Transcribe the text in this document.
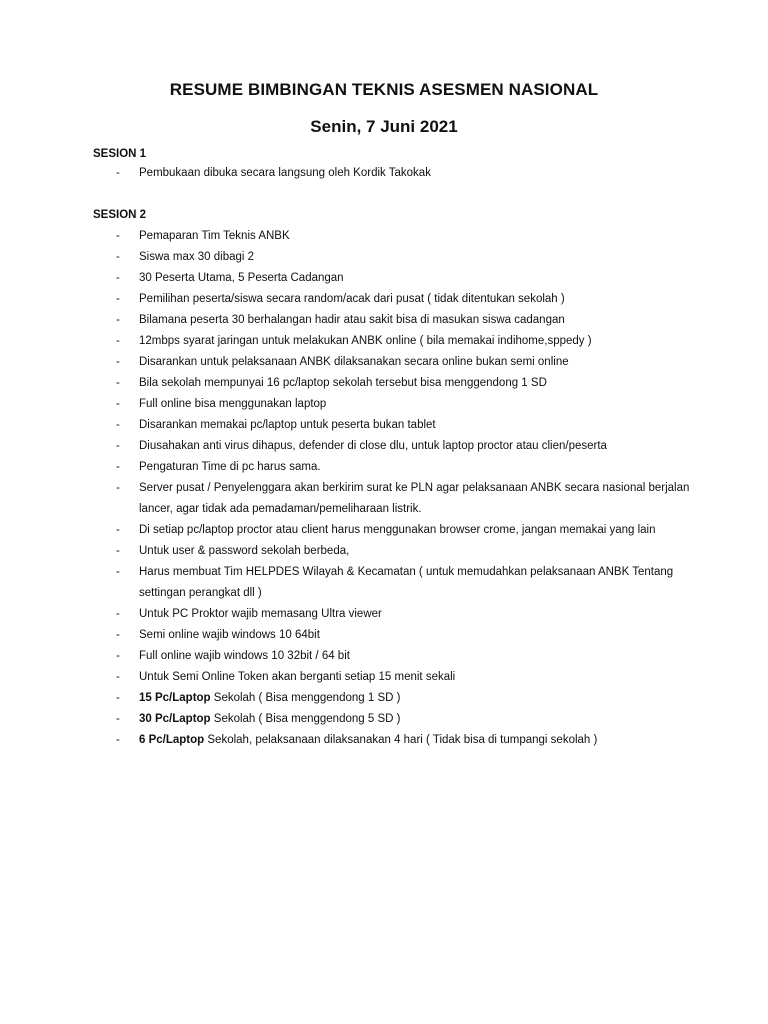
RESUME BIMBINGAN TEKNIS ASESMEN NASIONAL
Senin, 7 Juni 2021
SESION 1
- Pembukaan dibuka secara langsung oleh Kordik Takokak
SESION 2
- Pemaparan Tim Teknis ANBK
- Siswa max 30 dibagi 2
- 30 Peserta Utama, 5 Peserta Cadangan
- Pemilihan peserta/siswa secara random/acak dari pusat ( tidak ditentukan sekolah )
- Bilamana peserta 30 berhalangan hadir atau sakit bisa di masukan siswa cadangan
- 12mbps syarat jaringan untuk melakukan ANBK online ( bila memakai indihome,sppedy )
- Disarankan untuk pelaksanaan ANBK dilaksanakan secara online bukan semi online
- Bila sekolah mempunyai 16 pc/laptop sekolah tersebut bisa menggendong 1 SD
- Full online bisa menggunakan laptop
- Disarankan memakai pc/laptop untuk peserta bukan tablet
- Diusahakan anti virus dihapus, defender di close dlu, untuk laptop proctor atau clien/peserta
- Pengaturan Time di pc harus sama.
- Server pusat / Penyelenggara akan berkirim surat ke PLN agar pelaksanaan ANBK secara nasional berjalan lancer, agar tidak ada pemadaman/pemeliharaan listrik.
- Di setiap pc/laptop proctor atau client harus menggunakan browser crome, jangan memakai yang lain
- Untuk user & password sekolah berbeda,
- Harus membuat Tim HELPDES Wilayah & Kecamatan ( untuk memudahkan pelaksanaan ANBK Tentang settingan perangkat dll )
- Untuk PC Proktor wajib memasang Ultra viewer
- Semi online wajib windows 10 64bit
- Full online wajib windows 10 32bit / 64 bit
- Untuk Semi Online Token akan berganti setiap 15 menit sekali
- 15 Pc/Laptop Sekolah ( Bisa menggendong 1 SD )
- 30 Pc/Laptop Sekolah ( Bisa menggendong 5 SD )
- 6 Pc/Laptop Sekolah, pelaksanaan dilaksanakan 4 hari ( Tidak bisa di tumpangi sekolah )
